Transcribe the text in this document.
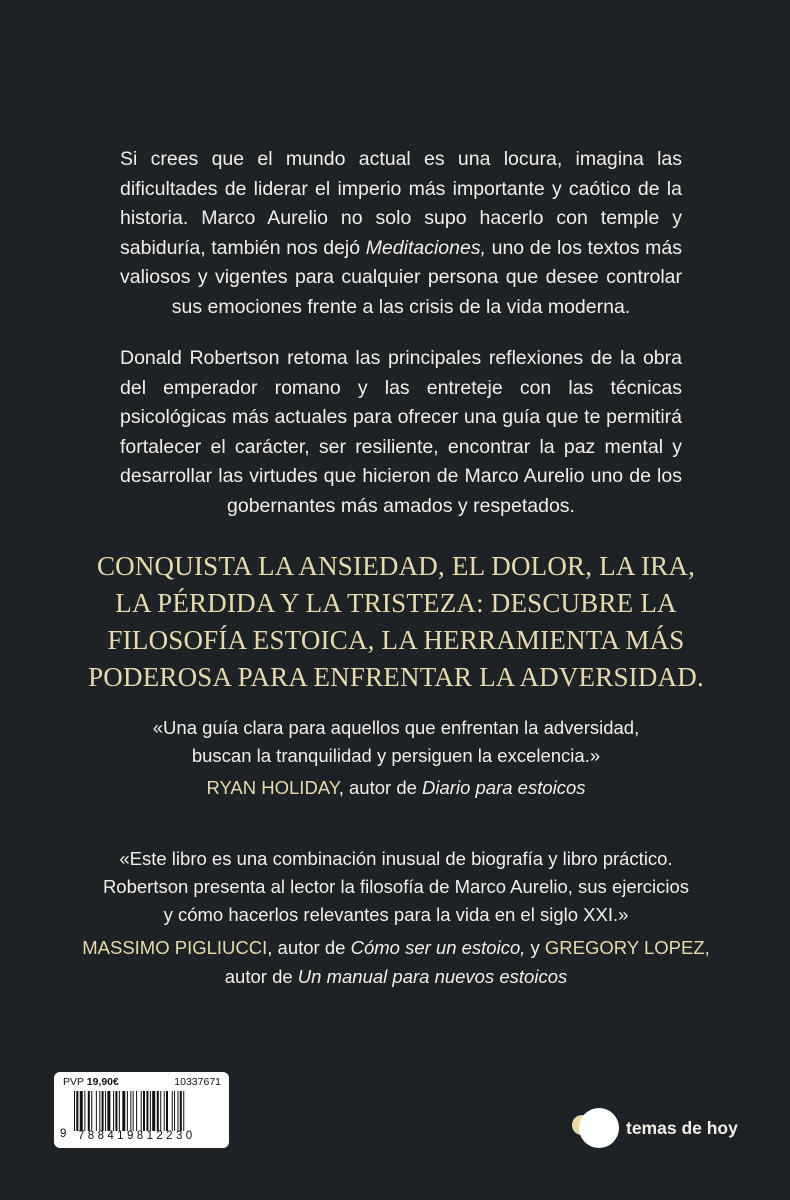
Si crees que el mundo actual es una locura, imagina las dificultades de liderar el imperio más importante y caótico de la historia. Marco Aurelio no solo supo hacerlo con temple y sabiduría, también nos dejó Meditaciones, uno de los textos más valiosos y vigentes para cualquier persona que desee controlar sus emociones frente a las crisis de la vida moderna.

Donald Robertson retoma las principales reflexiones de la obra del emperador romano y las entreteje con las técnicas psicológicas más actuales para ofrecer una guía que te permitirá fortalecer el carácter, ser resiliente, encontrar la paz mental y desarrollar las virtudes que hicieron de Marco Aurelio uno de los gobernantes más amados y respetados.

CONQUISTA LA ANSIEDAD, EL DOLOR, LA IRA, LA PÉRDIDA Y LA TRISTEZA: DESCUBRE LA FILOSOFÍA ESTOICA, LA HERRAMIENTA MÁS PODEROSA PARA ENFRENTAR LA ADVERSIDAD.

«Una guía clara para aquellos que enfrentan la adversidad,
buscan la tranquilidad y persiguen la excelencia.»

RYAN HOLIDAY, autor de Diario para estoicos

«Este libro es una combinación inusual de biografía y libro práctico.
Robertson presenta al lector la filosofía de Marco Aurelio, sus ejercicios
y cómo hacerlos relevantes para la vida en el siglo XXI.»

MASSIMO PIGLIUCCI, autor de Cómo ser un estoico, y GREGORY LOPEZ,
autor de Un manual para nuevos estoicos
PVP 19,90€	10337671
9 788419812230	temas de hoy
